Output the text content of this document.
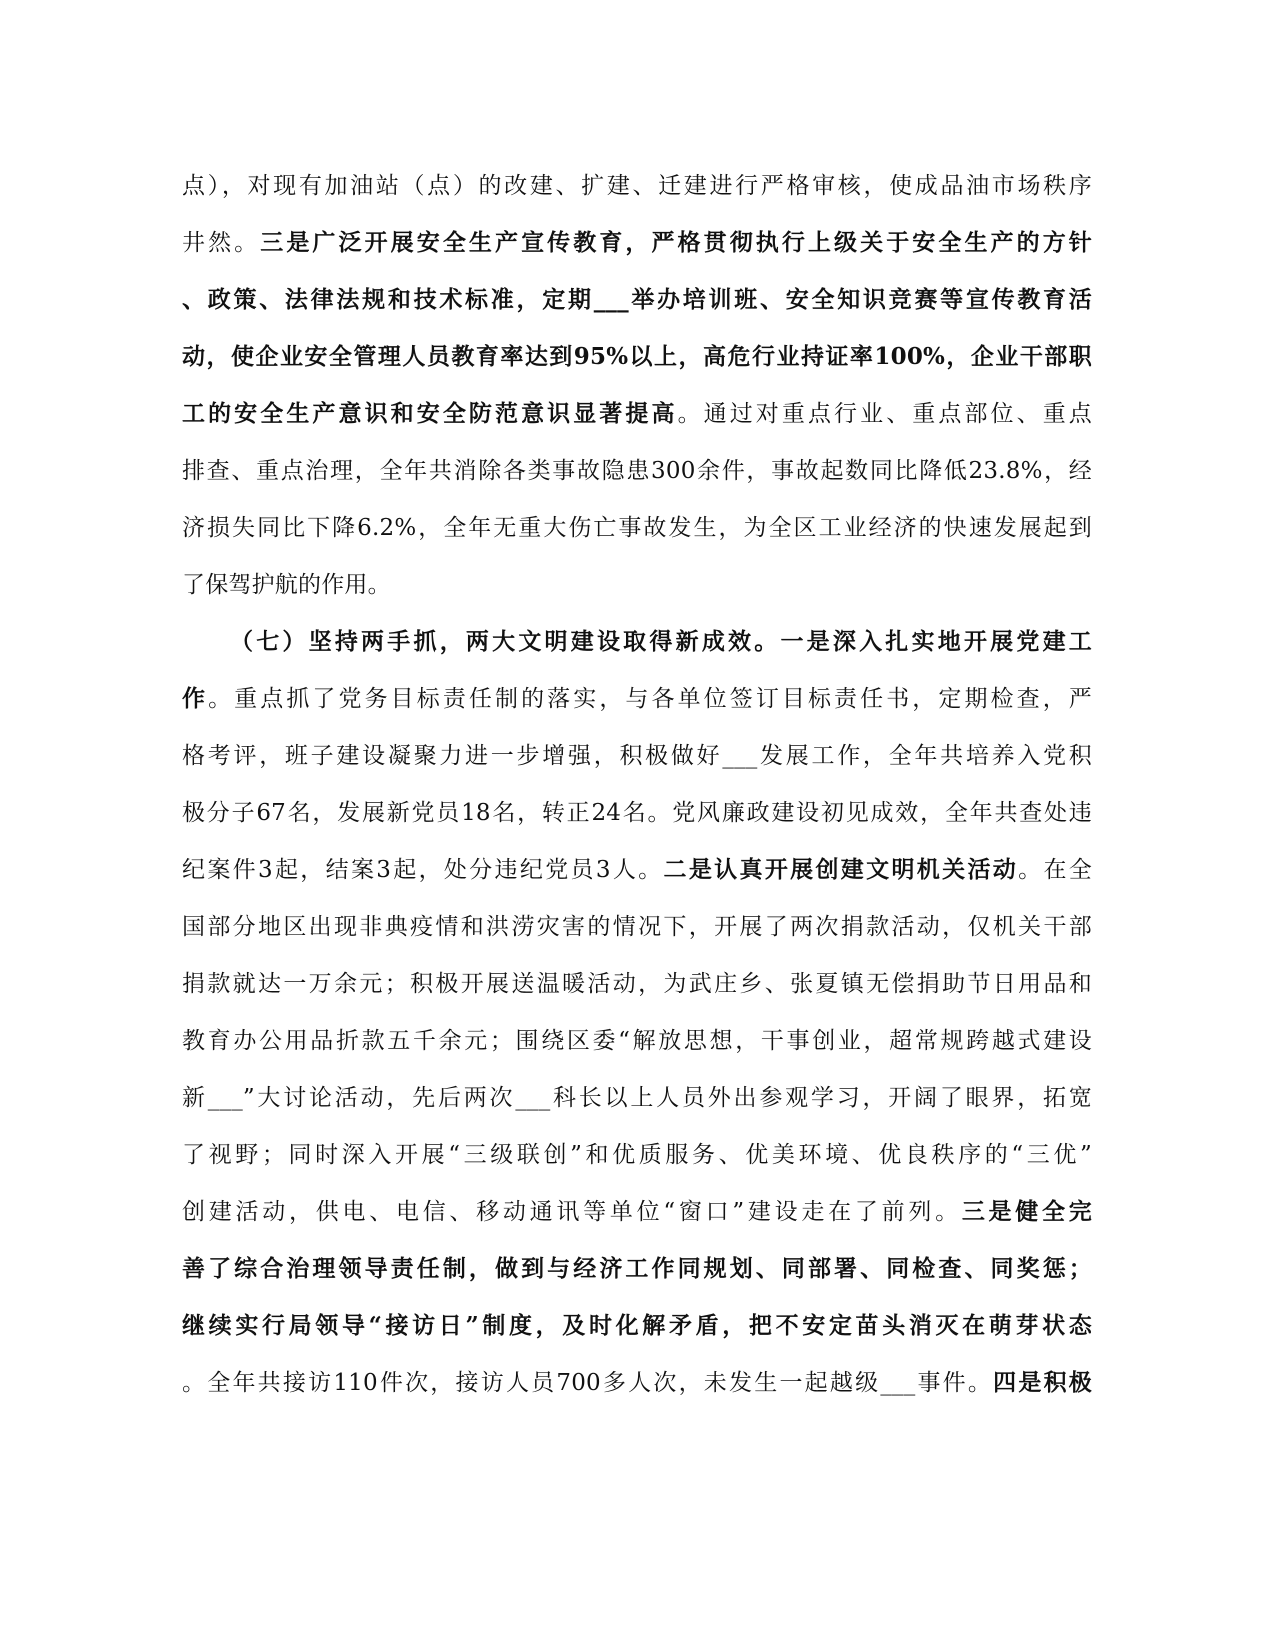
点），对现有加油站（点）的改建、扩建、迁建进行严格审核，使成品油市场秩序
井然。三是广泛开展安全生产宣传教育，严格贯彻执行上级关于安全生产的方针
、政策、法律法规和技术标准，定期___举办培训班、安全知识竞赛等宣传教育活
动，使企业安全管理人员教育率达到95%以上，高危行业持证率100%，企业干部职
工的安全生产意识和安全防范意识显著提高。通过对重点行业、重点部位、重点
排查、重点治理，全年共消除各类事故隐患300余件，事故起数同比降低23.8%，经
济损失同比下降6.2%，全年无重大伤亡事故发生，为全区工业经济的快速发展起到
了保驾护航的作用。
（七）坚持两手抓，两大文明建设取得新成效。一是深入扎实地开展党建工
作。重点抓了党务目标责任制的落实，与各单位签订目标责任书，定期检查，严
格考评，班子建设凝聚力进一步增强，积极做好___发展工作，全年共培养入党积
极分子67名，发展新党员18名，转正24名。党风廉政建设初见成效，全年共查处违
纪案件3起，结案3起，处分违纪党员3人。二是认真开展创建文明机关活动。在全
国部分地区出现非典疫情和洪涝灾害的情况下，开展了两次捐款活动，仅机关干部
捐款就达一万余元；积极开展送温暖活动，为武庄乡、张夏镇无偿捐助节日用品和
教育办公用品折款五千余元；围绕区委“解放思想，干事创业，超常规跨越式建设
新___”大讨论活动，先后两次___科长以上人员外出参观学习，开阔了眼界，拓宽
了视野；同时深入开展“三级联创”和优质服务、优美环境、优良秩序的“三优”
创建活动，供电、电信、移动通讯等单位“窗口”建设走在了前列。三是健全完
善了综合治理领导责任制，做到与经济工作同规划、同部署、同检查、同奖惩；
继续实行局领导“接访日”制度，及时化解矛盾，把不安定苗头消灭在萌芽状态
。全年共接访110件次，接访人员700多人次，未发生一起越级___事件。四是积极
